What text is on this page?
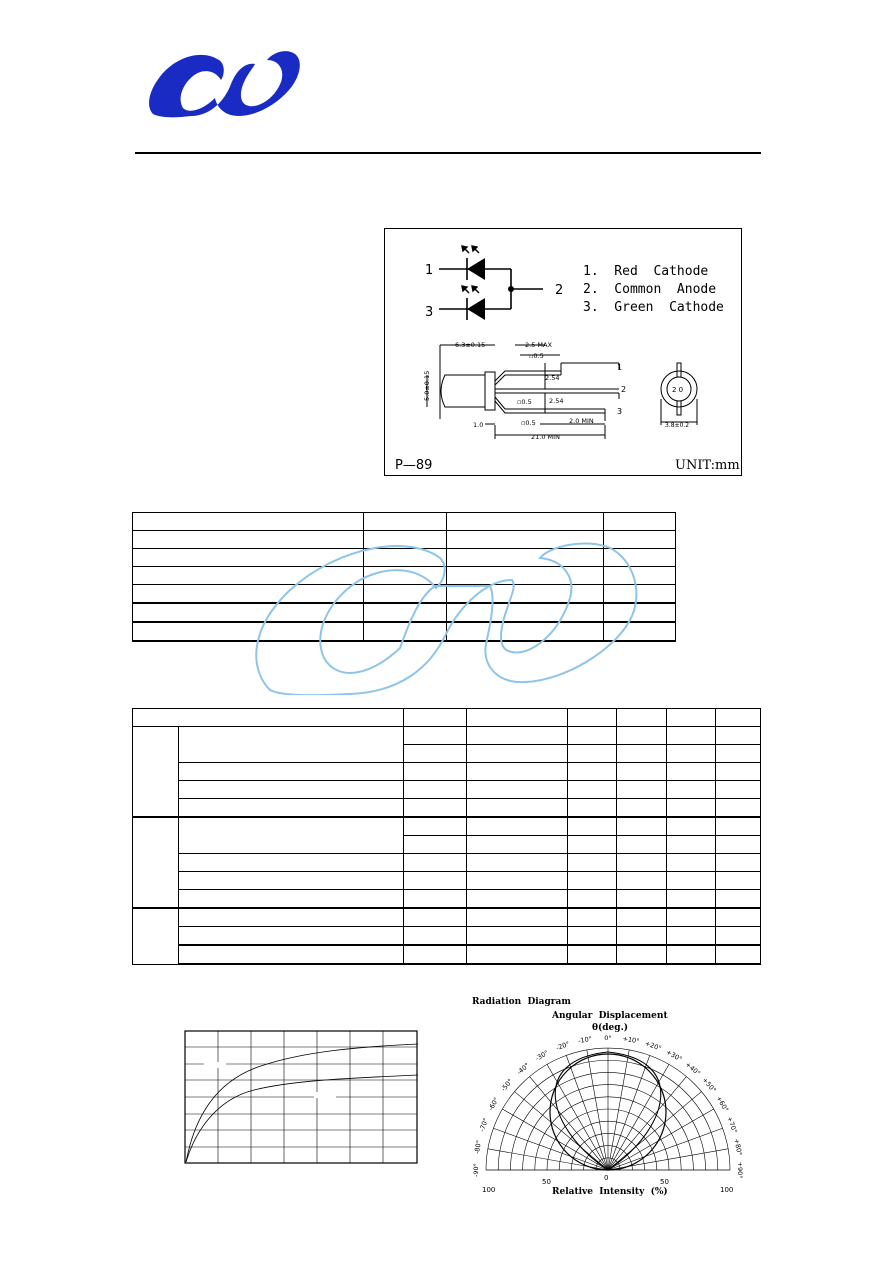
1
2
3
1.  Red  Cathode
2.  Common  Anode
3.  Green  Cathode
6.3±0.15	2.5 MAX
▫0.5
2.54
▫0.5	2.54
▫0.5
5.0±0.15
1.0	2.0 MIN
21.0 MIN
1
2
3
2 0
3.8±0.2
P—89	UNIT:mm

Radiation  Diagram
Angular  Displacement
θ(deg.)
0°
-10°	+10°
-20°	+20°
-30°	+30°
-40°	+40°
-50°	+50°
-60°	+60°
-70°	+70°
-80°	+80°
-90°	+90°
100
50	0	50
100
Relative  Intensity  (%)
